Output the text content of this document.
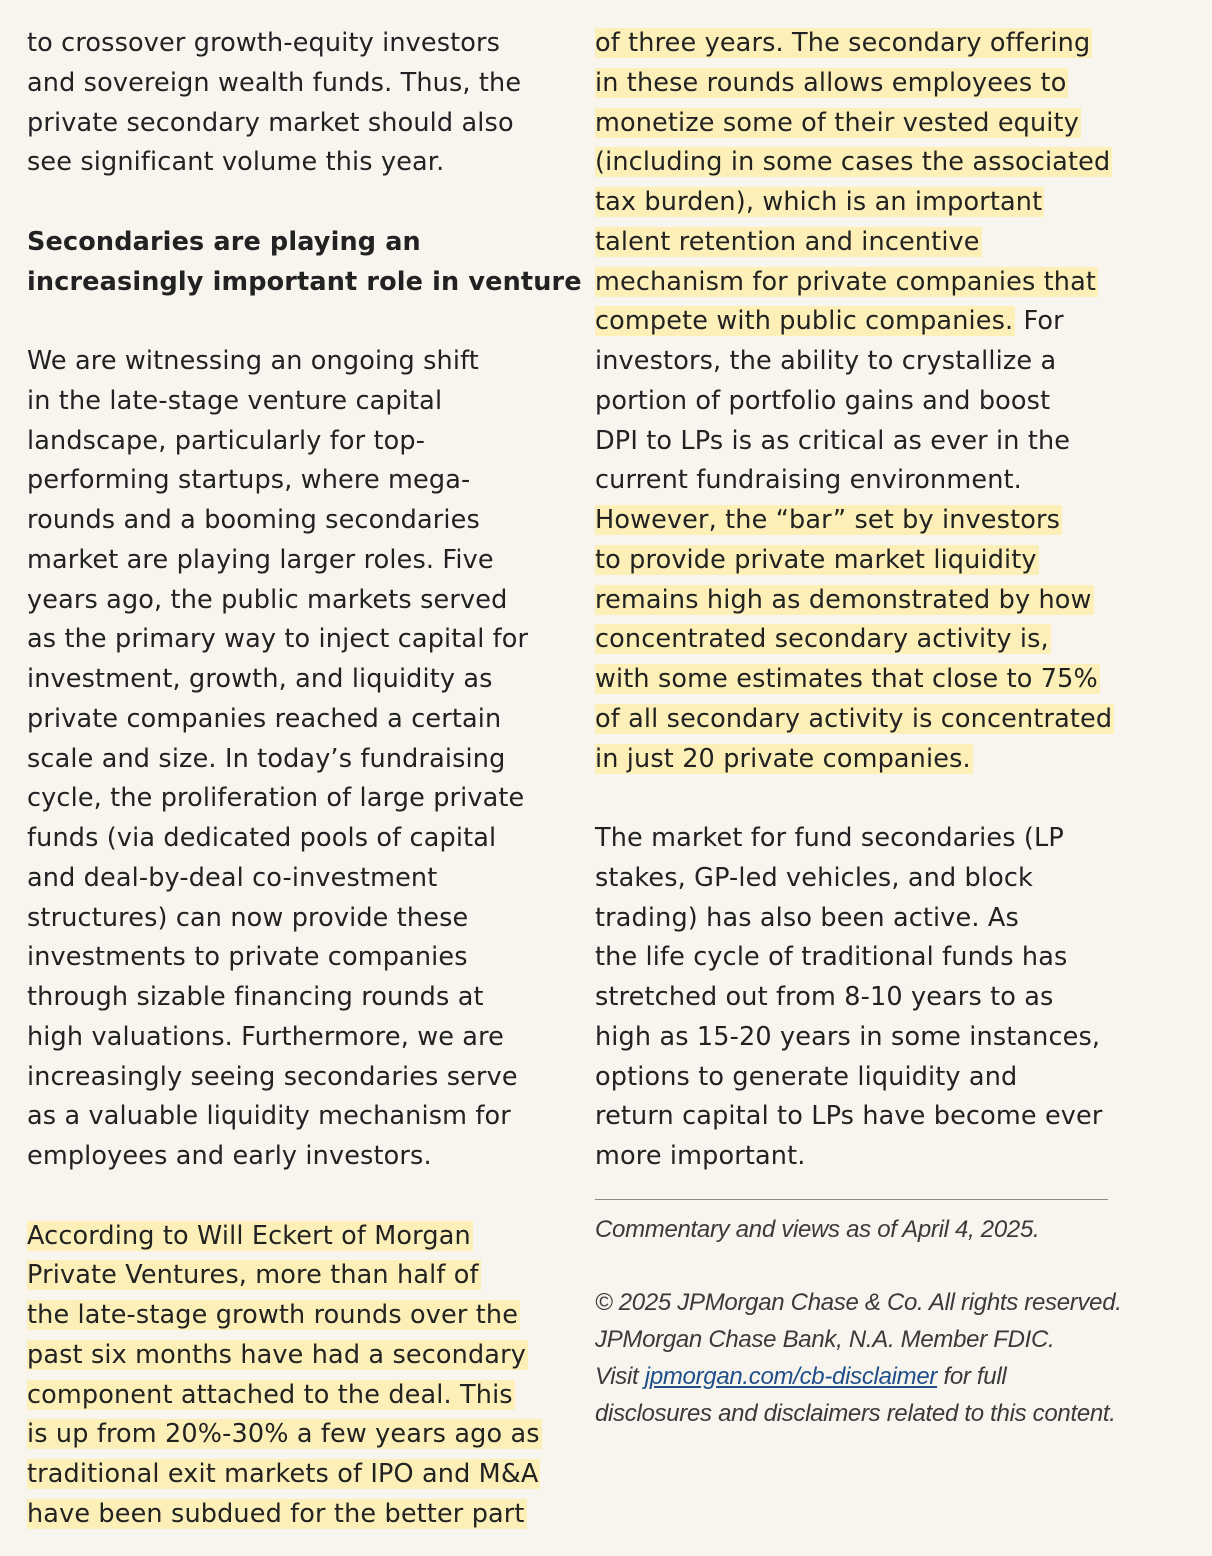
to crossover growth-equity investors
and sovereign wealth funds. Thus, the
private secondary market should also
see significant volume this year.
Secondaries are playing an
increasingly important role in venture
We are witnessing an ongoing shift
in the late-stage venture capital
landscape, particularly for top-
performing startups, where mega-
rounds and a booming secondaries
market are playing larger roles. Five
years ago, the public markets served
as the primary way to inject capital for
investment, growth, and liquidity as
private companies reached a certain
scale and size. In today’s fundraising
cycle, the proliferation of large private
funds (via dedicated pools of capital
and deal-by-deal co-investment
structures) can now provide these
investments to private companies
through sizable financing rounds at
high valuations. Furthermore, we are
increasingly seeing secondaries serve
as a valuable liquidity mechanism for
employees and early investors.
According to Will Eckert of Morgan
Private Ventures, more than half of
the late-stage growth rounds over the
past six months have had a secondary
component attached to the deal. This
is up from 20%-30% a few years ago as
traditional exit markets of IPO and M&A
have been subdued for the better part
of three years. The secondary offering
in these rounds allows employees to
monetize some of their vested equity
(including in some cases the associated
tax burden), which is an important
talent retention and incentive
mechanism for private companies that
compete with public companies. For
investors, the ability to crystallize a
portion of portfolio gains and boost
DPI to LPs is as critical as ever in the
current fundraising environment.
However, the “bar” set by investors
to provide private market liquidity
remains high as demonstrated by how
concentrated secondary activity is,
with some estimates that close to 75%
of all secondary activity is concentrated
in just 20 private companies.
The market for fund secondaries (LP
stakes, GP-led vehicles, and block
trading) has also been active. As
the life cycle of traditional funds has
stretched out from 8-10 years to as
high as 15-20 years in some instances,
options to generate liquidity and
return capital to LPs have become ever
more important.
Commentary and views as of April 4, 2025.
© 2025 JPMorgan Chase & Co. All rights reserved.
JPMorgan Chase Bank, N.A. Member FDIC.
Visit jpmorgan.com/cb-disclaimer for full
disclosures and disclaimers related to this content.
